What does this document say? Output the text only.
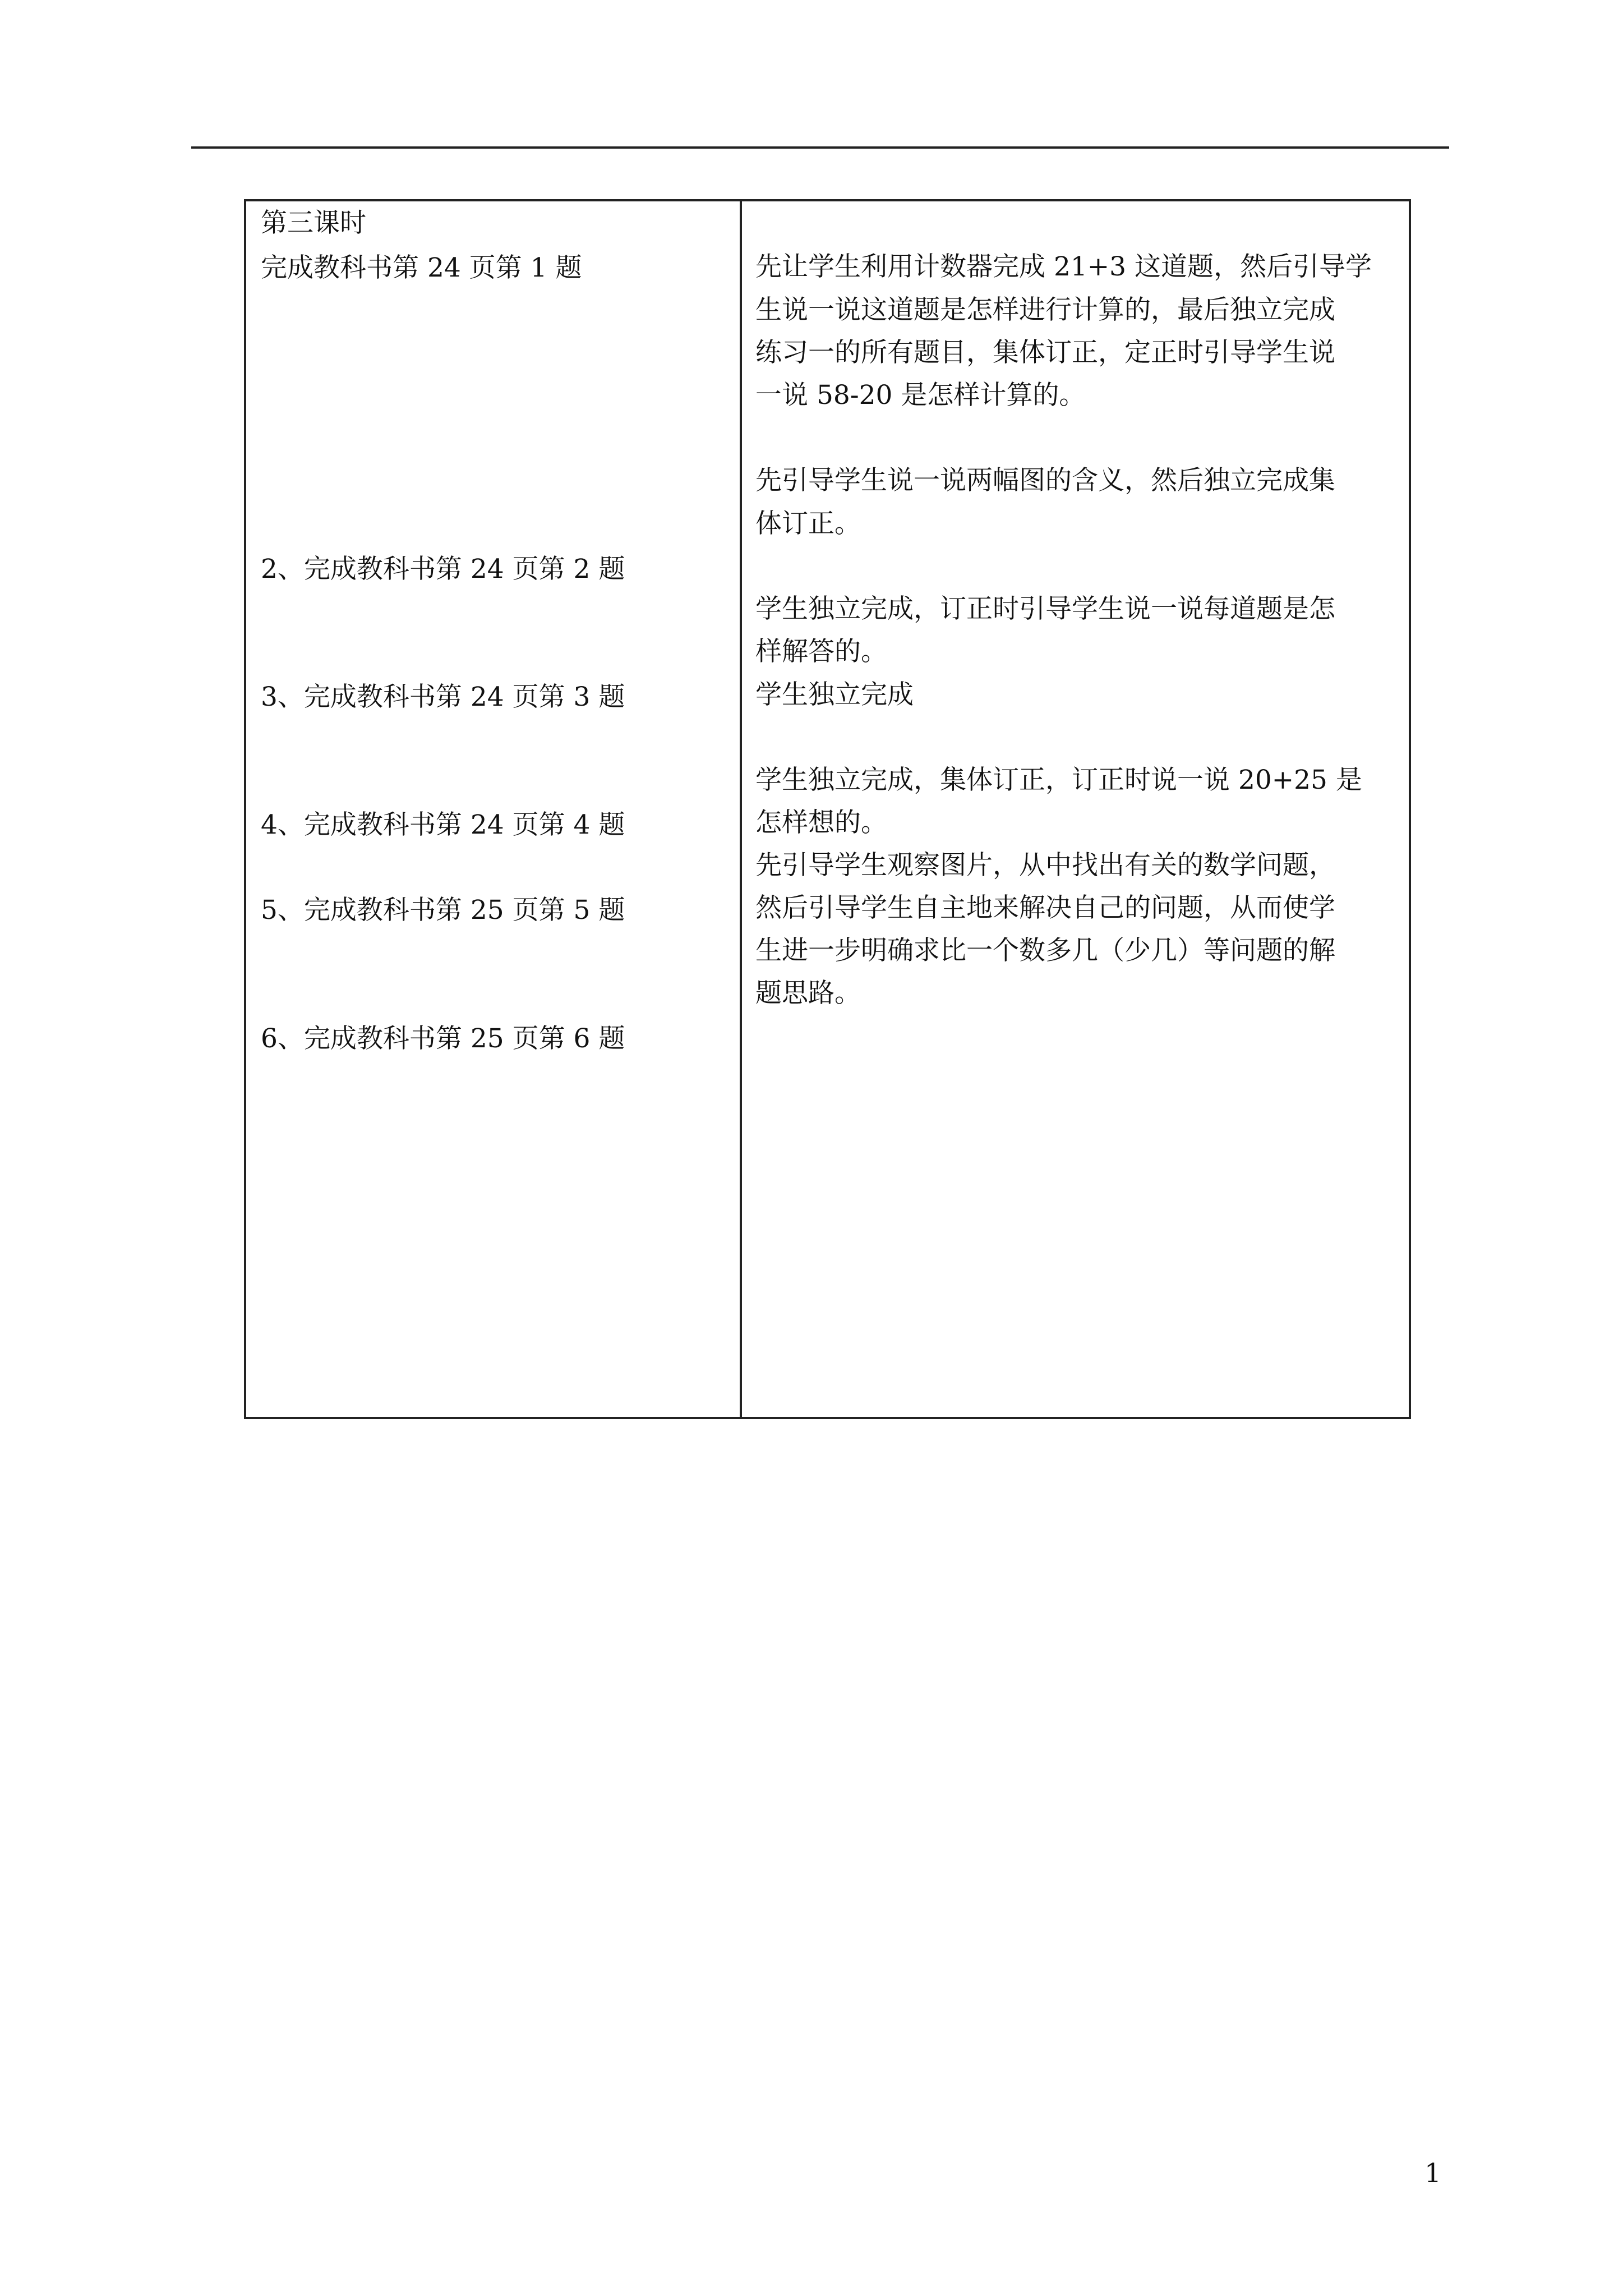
第三课时

完成教科书第 24 页第 1 题

2、完成教科书第 24 页第 2 题

3、完成教科书第 24 页第 3 题

4、完成教科书第 24 页第 4 题

5、完成教科书第 25 页第 5 题

6、完成教科书第 25 页第 6 题

先让学生利用计数器完成 21+3 这道题，然后引导学

生说一说这道题是怎样进行计算的，最后独立完成

练习一的所有题目，集体订正，定正时引导学生说

一说 58-20 是怎样计算的。

先引导学生说一说两幅图的含义，然后独立完成集

体订正。

学生独立完成，订正时引导学生说一说每道题是怎

样解答的。

学生独立完成

学生独立完成，集体订正，订正时说一说 20+25 是

怎样想的。

先引导学生观察图片，从中找出有关的数学问题，

然后引导学生自主地来解决自己的问题，从而使学

生进一步明确求比一个数多几（少几）等问题的解

题思路。

1
